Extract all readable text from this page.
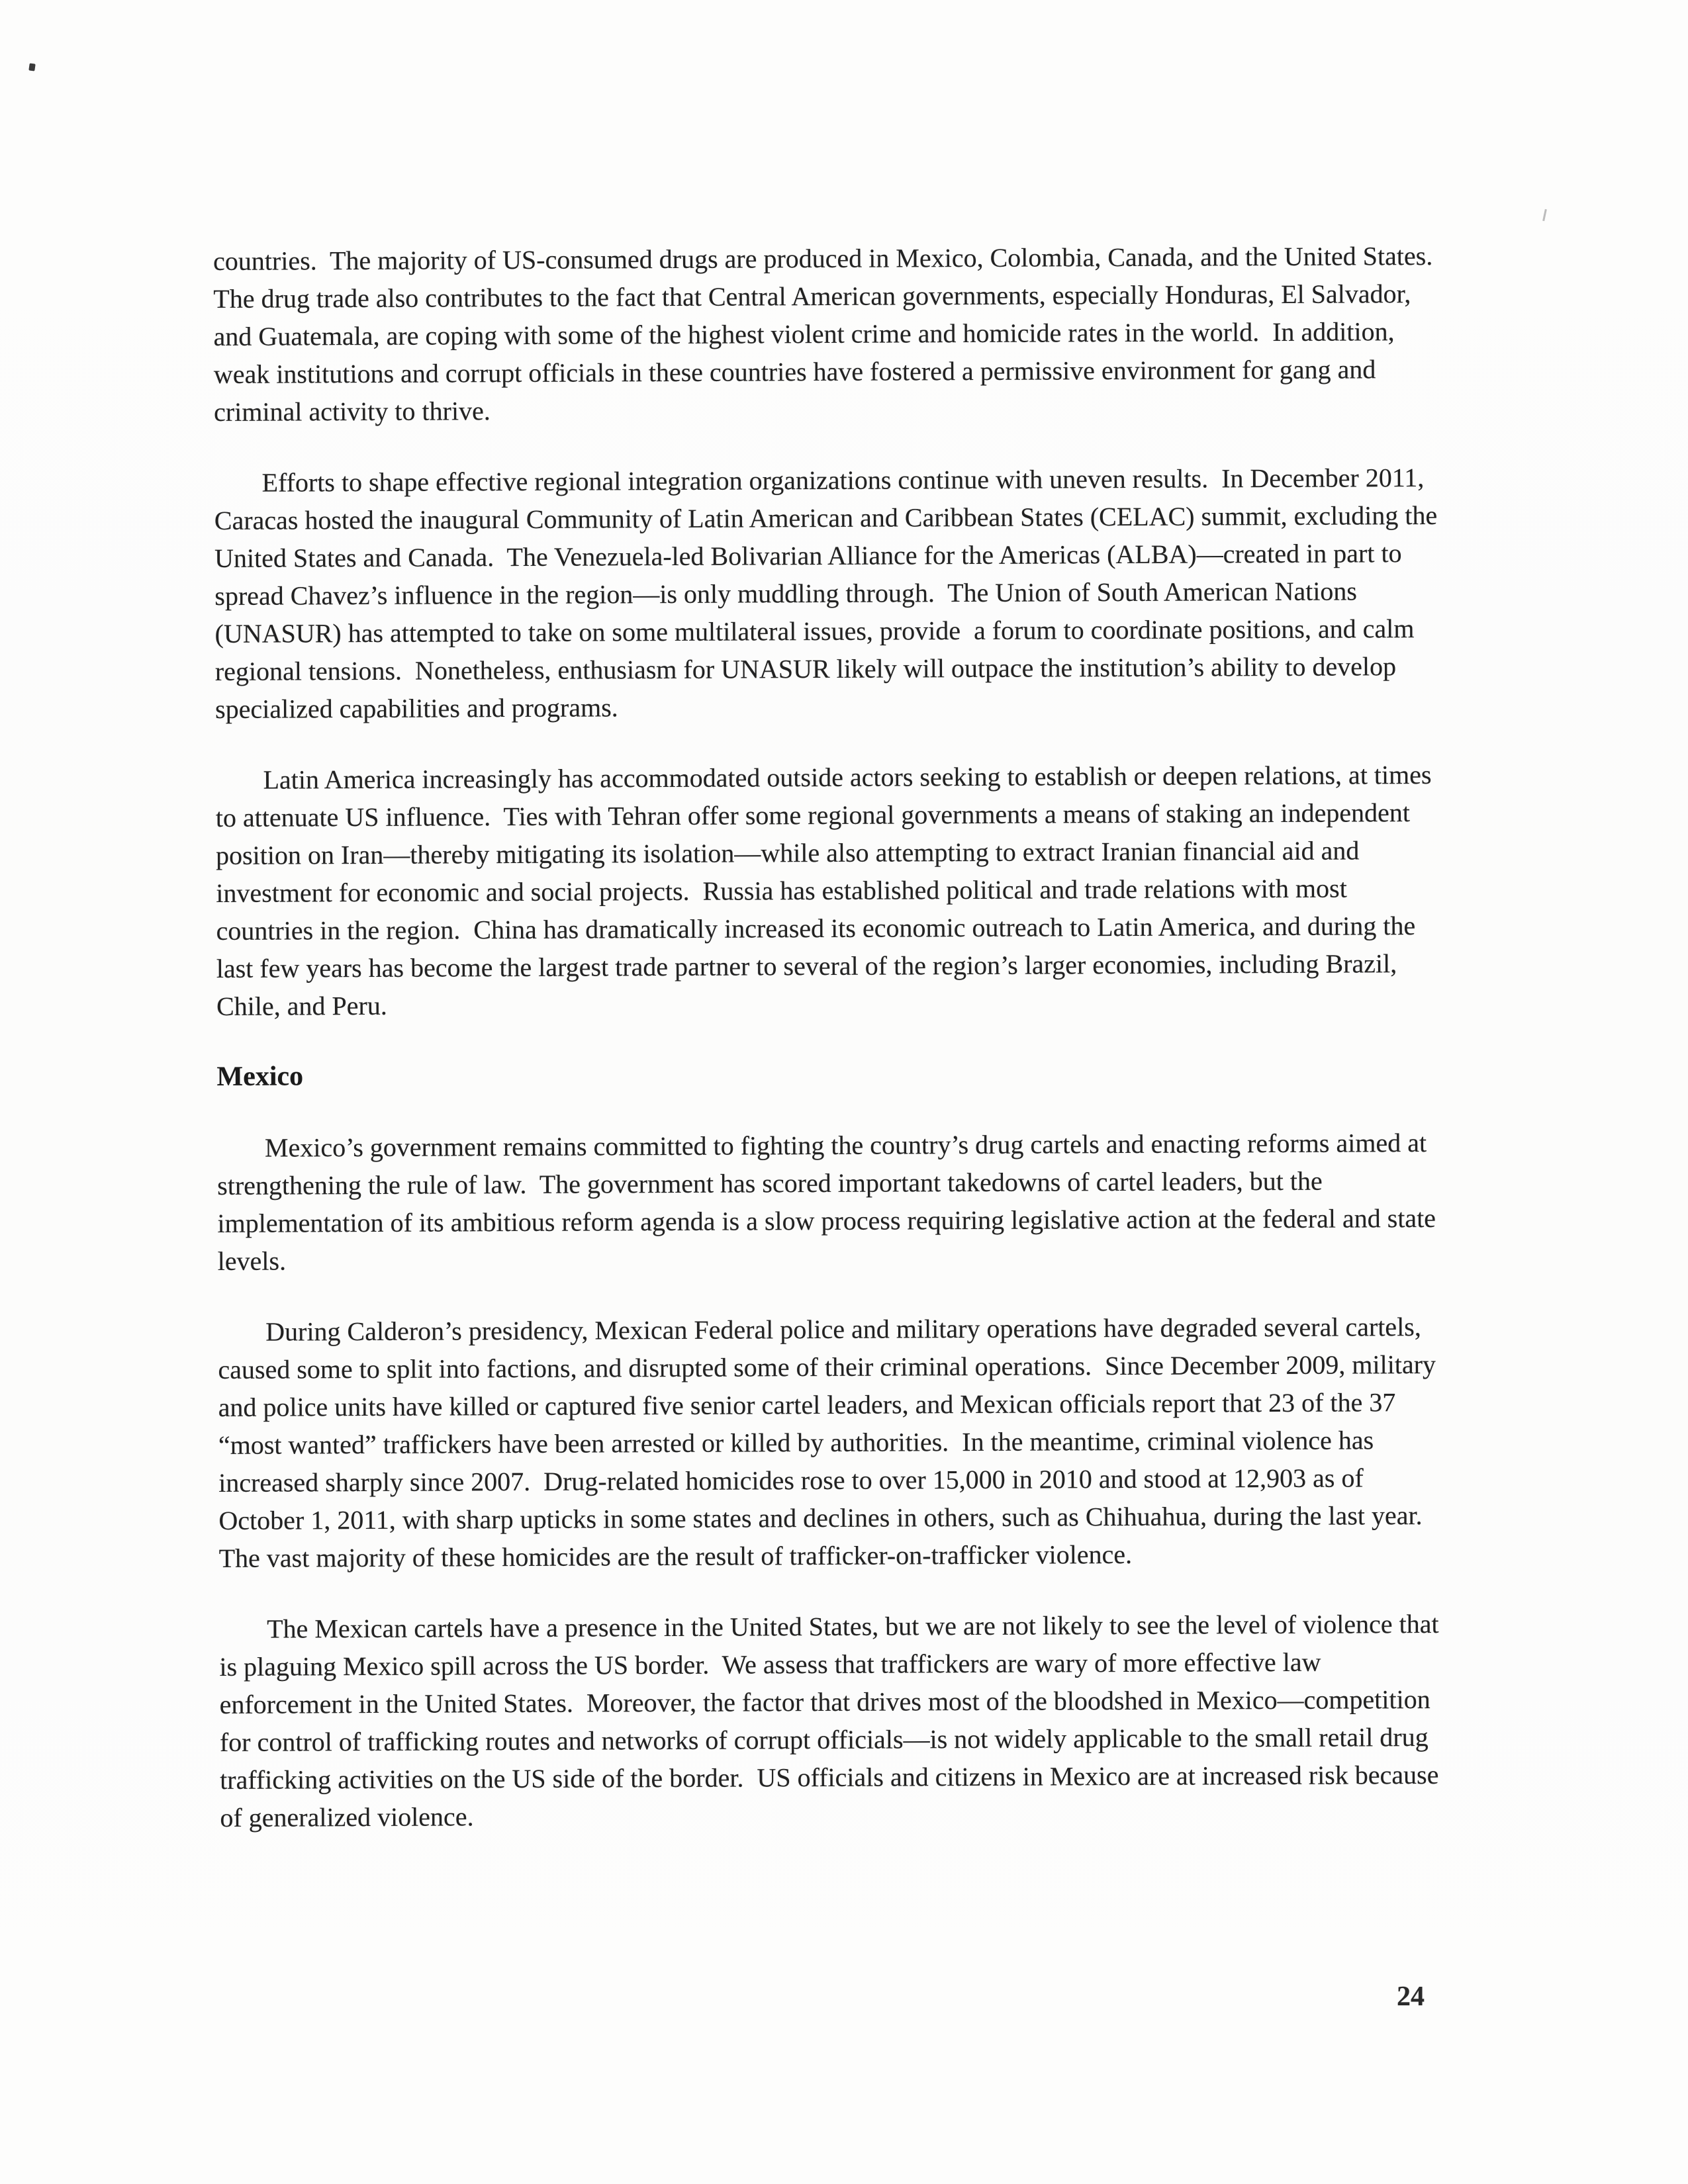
countries.  The majority of US-consumed drugs are produced in Mexico, Colombia, Canada, and the United States.  The drug trade also contributes to the fact that Central American governments, especially Honduras, El Salvador, and Guatemala, are coping with some of the highest violent crime and homicide rates in the world.  In addition, weak institutions and corrupt officials in these countries have fostered a permissive environment for gang and criminal activity to thrive.

Efforts to shape effective regional integration organizations continue with uneven results.  In December 2011, Caracas hosted the inaugural Community of Latin American and Caribbean States (CELAC) summit, excluding the United States and Canada.  The Venezuela-led Bolivarian Alliance for the Americas (ALBA)—created in part to spread Chavez’s influence in the region—is only muddling through.  The Union of South American Nations (UNASUR) has attempted to take on some multilateral issues, provide  a forum to coordinate positions, and calm regional tensions.  Nonetheless, enthusiasm for UNASUR likely will outpace the institution’s ability to develop specialized capabilities and programs.

Latin America increasingly has accommodated outside actors seeking to establish or deepen relations, at times to attenuate US influence.  Ties with Tehran offer some regional governments a means of staking an independent position on Iran—thereby mitigating its isolation—while also attempting to extract Iranian financial aid and investment for economic and social projects.  Russia has established political and trade relations with most countries in the region.  China has dramatically increased its economic outreach to Latin America, and during the last few years has become the largest trade partner to several of the region’s larger economies, including Brazil, Chile, and Peru.

Mexico

Mexico’s government remains committed to fighting the country’s drug cartels and enacting reforms aimed at strengthening the rule of law.  The government has scored important takedowns of cartel leaders, but the implementation of its ambitious reform agenda is a slow process requiring legislative action at the federal and state levels.

During Calderon’s presidency, Mexican Federal police and military operations have degraded several cartels, caused some to split into factions, and disrupted some of their criminal operations.  Since December 2009, military and police units have killed or captured five senior cartel leaders, and Mexican officials report that 23 of the 37 “most wanted” traffickers have been arrested or killed by authorities.  In the meantime, criminal violence has increased sharply since 2007.  Drug-related homicides rose to over 15,000 in 2010 and stood at 12,903 as of October 1, 2011, with sharp upticks in some states and declines in others, such as Chihuahua, during the last year.  The vast majority of these homicides are the result of trafficker-on-trafficker violence.

The Mexican cartels have a presence in the United States, but we are not likely to see the level of violence that is plaguing Mexico spill across the US border.  We assess that traffickers are wary of more effective law enforcement in the United States.  Moreover, the factor that drives most of the bloodshed in Mexico—competition for control of trafficking routes and networks of corrupt officials—is not widely applicable to the small retail drug trafficking activities on the US side of the border.  US officials and citizens in Mexico are at increased risk because of generalized violence.

24
